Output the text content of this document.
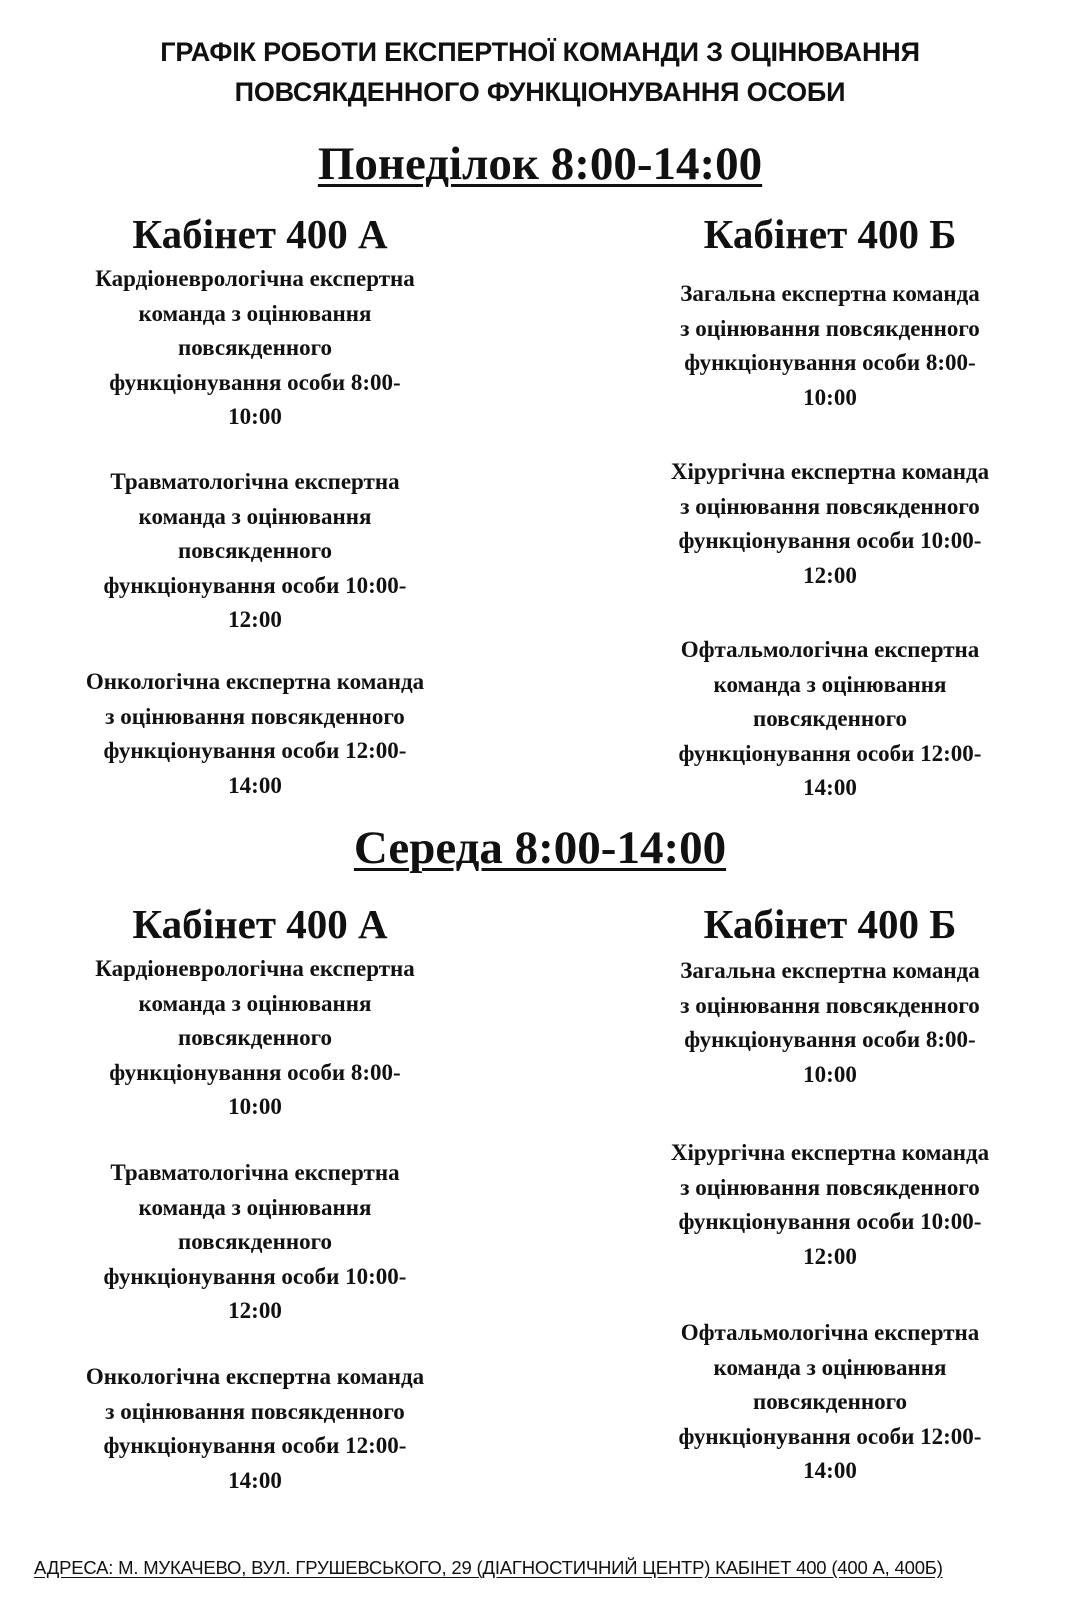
ГРАФІК РОБОТИ ЕКСПЕРТНОЇ КОМАНДИ З ОЦІНЮВАННЯ
ПОВСЯКДЕННОГО ФУНКЦІОНУВАННЯ ОСОБИ
Понеділок 8:00-14:00
Кабінет 400 А	Кабінет 400 Б
Кардіоневрологічна експертна
команда з оцінювання
повсякденного
функціонування особи 8:00-
10:00
Травматологічна експертна
команда з оцінювання
повсякденного
функціонування особи 10:00-
12:00
Онкологічна експертна команда
з оцінювання повсякденного
функціонування особи 12:00-
14:00
Загальна експертна команда
з оцінювання повсякденного
функціонування особи 8:00-
10:00
Хірургічна експертна команда
з оцінювання повсякденного
функціонування особи 10:00-
12:00
Офтальмологічна експертна
команда з оцінювання
повсякденного
функціонування особи 12:00-
14:00
Середа 8:00-14:00
Кабінет 400 А	Кабінет 400 Б
Кардіоневрологічна експертна
команда з оцінювання
повсякденного
функціонування особи 8:00-
10:00
Травматологічна експертна
команда з оцінювання
повсякденного
функціонування особи 10:00-
12:00
Онкологічна експертна команда
з оцінювання повсякденного
функціонування особи 12:00-
14:00
Загальна експертна команда
з оцінювання повсякденного
функціонування особи 8:00-
10:00
Хірургічна експертна команда
з оцінювання повсякденного
функціонування особи 10:00-
12:00
Офтальмологічна експертна
команда з оцінювання
повсякденного
функціонування особи 12:00-
14:00
АДРЕСА: М. МУКАЧЕВО, ВУЛ. ГРУШЕВСЬКОГО, 29 (ДІАГНОСТИЧНИЙ ЦЕНТР) КАБІНЕТ 400 (400 А, 400Б)
